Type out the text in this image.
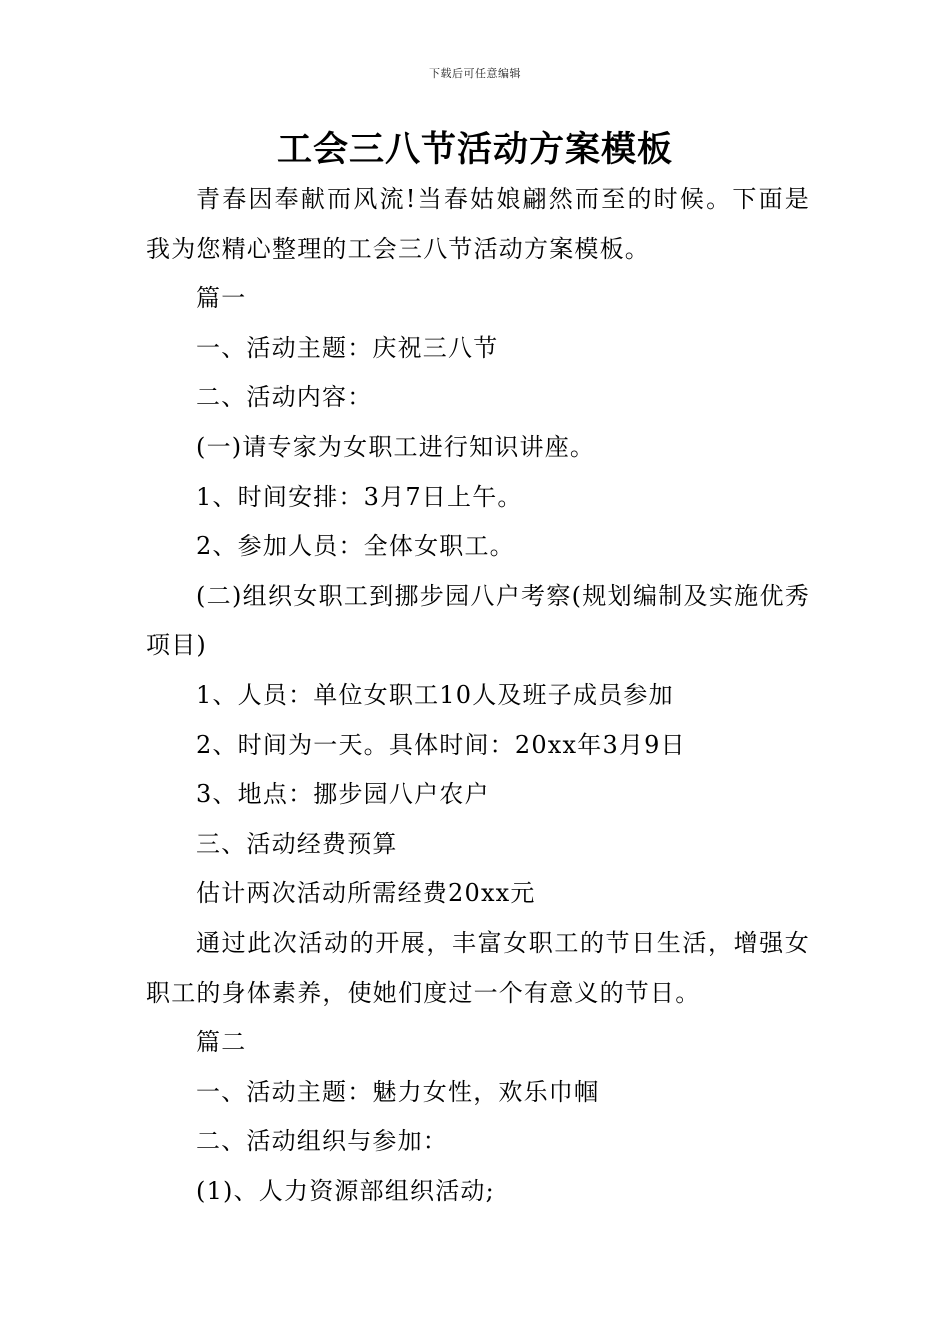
下载后可任意编辑
工会三八节活动方案模板

青春因奉献而风流!当春姑娘翩然而至的时候。下面是我为您精心整理的工会三八节活动方案模板。

篇一

一、活动主题：庆祝三八节

二、活动内容：

(一)请专家为女职工进行知识讲座。

1、时间安排：3月7日上午。

2、参加人员：全体女职工。

(二)组织女职工到挪步园八户考察(规划编制及实施优秀项目)

1、人员：单位女职工10人及班子成员参加

2、时间为一天。具体时间：20xx年3月9日

3、地点：挪步园八户农户

三、活动经费预算

估计两次活动所需经费20xx元

通过此次活动的开展，丰富女职工的节日生活，增强女职工的身体素养，使她们度过一个有意义的节日。

篇二

一、活动主题：魅力女性，欢乐巾帼

二、活动组织与参加：

(1)、人力资源部组织活动;
